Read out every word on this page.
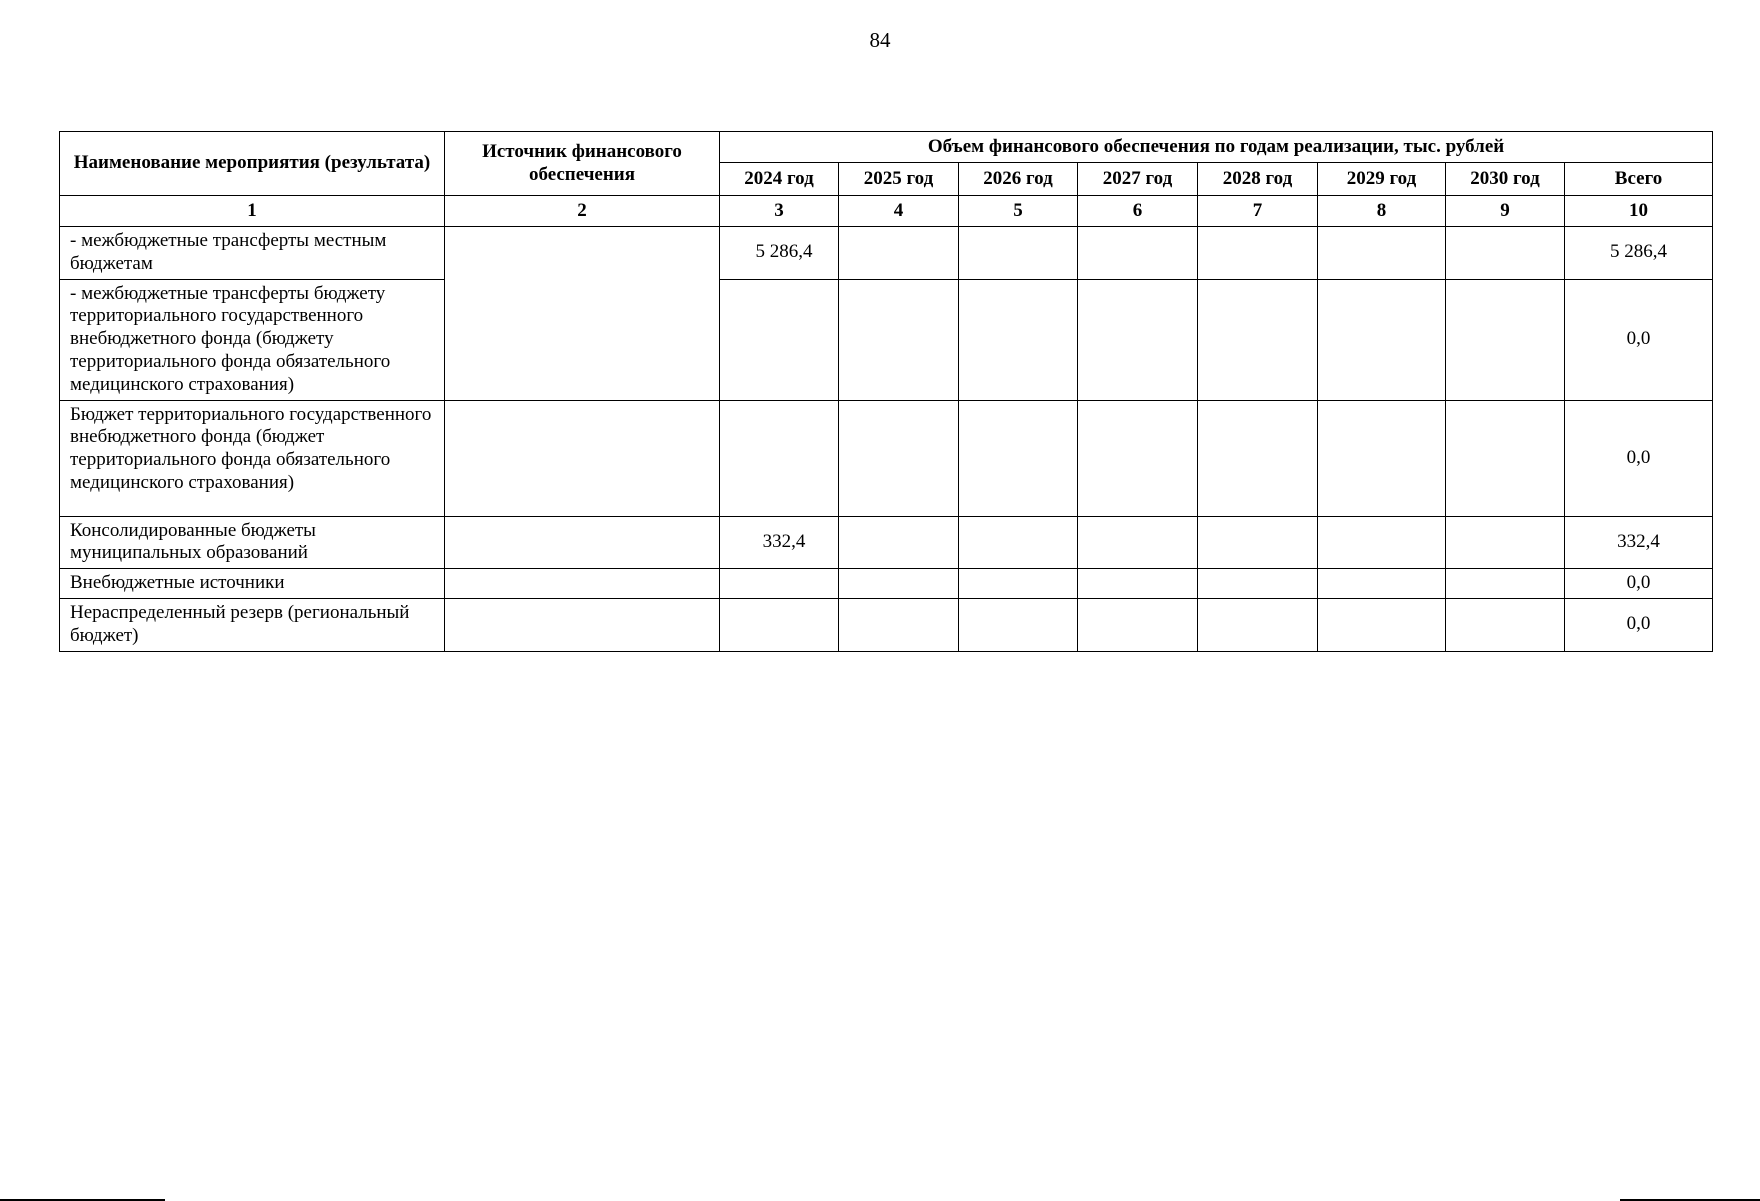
84
Наименование мероприятия (результата)	Источник финансового обеспечения	Объем финансового обеспечения по годам реализации, тыс. рублей							
		2024 год	2025 год	2026 год	2027 год	2028 год	2029 год	2030 год	Всего
1	2	3	4	5	6	7	8	9	10
- межбюджетные трансферты местным бюджетам		5 286,4							5 286,4
- межбюджетные трансферты бюджету территориального государственного внебюджетного фонда (бюджету территориального фонда обязательного медицинского страхования)									0,0
Бюджет территориального государственного внебюджетного фонда (бюджет территориального фонда обязательного медицинского страхования)									0,0
Консолидированные бюджеты муниципальных образований		332,4							332,4
Внебюджетные источники									0,0
Нераспределенный резерв (региональный бюджет)									0,0
